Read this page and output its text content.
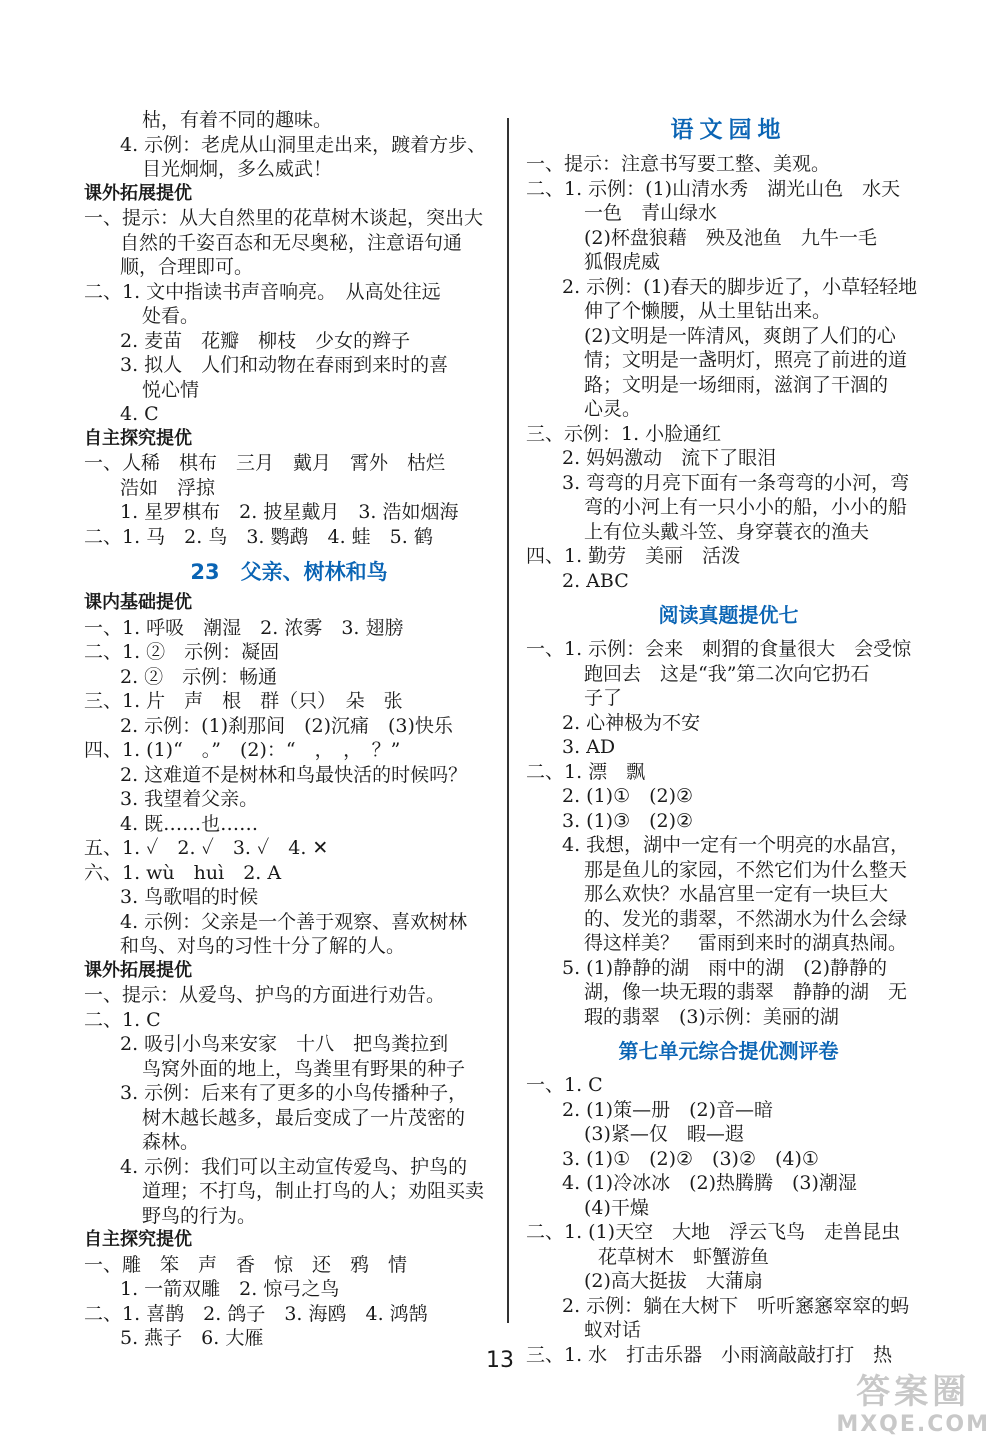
枯，有着不同的趣味。
4. 示例：老虎从山洞里走出来，踱着方步、
目光炯炯，多么威武！
课外拓展提优
一、提示：从大自然里的花草树木谈起，突出大
自然的千姿百态和无尽奥秘，注意语句通
顺，合理即可。
二、1. 文中指读书声音响亮。　从高处往远
处看。
2. 麦苗　花瓣　柳枝　少女的辫子
3. 拟人　人们和动物在春雨到来时的喜
悦心情
4. C
自主探究提优
一、人稀　棋布　三月　戴月　霄外　枯烂
浩如　浮掠
1. 星罗棋布　2. 披星戴月　3. 浩如烟海
二、1. 马　2. 鸟　3. 鹦鹉　4. 蛙　5. 鹤
23　父亲、树林和鸟
课内基础提优
一、1. 呼吸　潮湿　2. 浓雾　3. 翅膀
二、1. ②　示例：凝固
2. ②　示例：畅通
三、1. 片　声　根　群（只）　朵　张
2. 示例：(1)刹那间　(2)沉痛　(3)快乐
四、1. (1)“　。”　(2)：“　，　，　？”
2. 这难道不是树林和鸟最快活的时候吗？
3. 我望着父亲。
4. 既……也……
五、1. ✓　2. ✓　3. ✓　4. ✕
六、1. wù　huì　2. A
3. 鸟歌唱的时候
4. 示例：父亲是一个善于观察、喜欢树林
和鸟、对鸟的习性十分了解的人。
课外拓展提优
一、提示：从爱鸟、护鸟的方面进行劝告。
二、1. C
2. 吸引小鸟来安家　十八　把鸟粪拉到
鸟窝外面的地上，鸟粪里有野果的种子
3. 示例：后来有了更多的小鸟传播种子，
树木越长越多，最后变成了一片茂密的
森林。
4. 示例：我们可以主动宣传爱鸟、护鸟的
道理；不打鸟，制止打鸟的人；劝阻买卖
野鸟的行为。
自主探究提优
一、雕　笨　声　香　惊　还　鸦　情
1. 一箭双雕　2. 惊弓之鸟
二、1. 喜鹊　2. 鸽子　3. 海鸥　4. 鸿鹄
5. 燕子　6. 大雁
语文园地
一、提示：注意书写要工整、美观。
二、1. 示例：(1)山清水秀　湖光山色　水天
一色　青山绿水
(2)杯盘狼藉　殃及池鱼　九牛一毛
狐假虎威
2. 示例：(1)春天的脚步近了，小草轻轻地
伸了个懒腰，从土里钻出来。
(2)文明是一阵清风，爽朗了人们的心
情；文明是一盏明灯，照亮了前进的道
路；文明是一场细雨，滋润了干涸的
心灵。
三、示例：1. 小脸通红
2. 妈妈激动　流下了眼泪
3. 弯弯的月亮下面有一条弯弯的小河，弯
弯的小河上有一只小小的船，小小的船
上有位头戴斗笠、身穿蓑衣的渔夫
四、1. 勤劳　美丽　活泼
2. ABC
阅读真题提优七
一、1. 示例：会来　刺猬的食量很大　会受惊
跑回去　这是“我”第二次向它扔石
子了
2. 心神极为不安
3. AD
二、1. 漂　飘
2. (1)①　(2)②
3. (1)③　(2)②
4. 我想，湖中一定有一个明亮的水晶宫，
那是鱼儿的家园，不然它们为什么整天
那么欢快？水晶宫里一定有一块巨大
的、发光的翡翠，不然湖水为什么会绿
得这样美？　雷雨到来时的湖真热闹。
5. (1)静静的湖　雨中的湖　(2)静静的
湖，像一块无瑕的翡翠　静静的湖　无
瑕的翡翠　(3)示例：美丽的湖
第七单元综合提优测评卷
一、1. C
2. (1)策—册　(2)音—暗
(3)紧—仅　暇—遐
3. (1)①　(2)②　(3)②　(4)①
4. (1)冷冰冰　(2)热腾腾　(3)潮湿
(4)干燥
二、1. (1)天空　大地　浮云飞鸟　走兽昆虫
花草树木　虾蟹游鱼
(2)高大挺拔　大蒲扇
2. 示例：躺在大树下　听听窸窸窣窣的蚂
蚁对话
三、1. 水　打击乐器　小雨滴敲敲打打　热
13
答案圈
MXQE.COM
